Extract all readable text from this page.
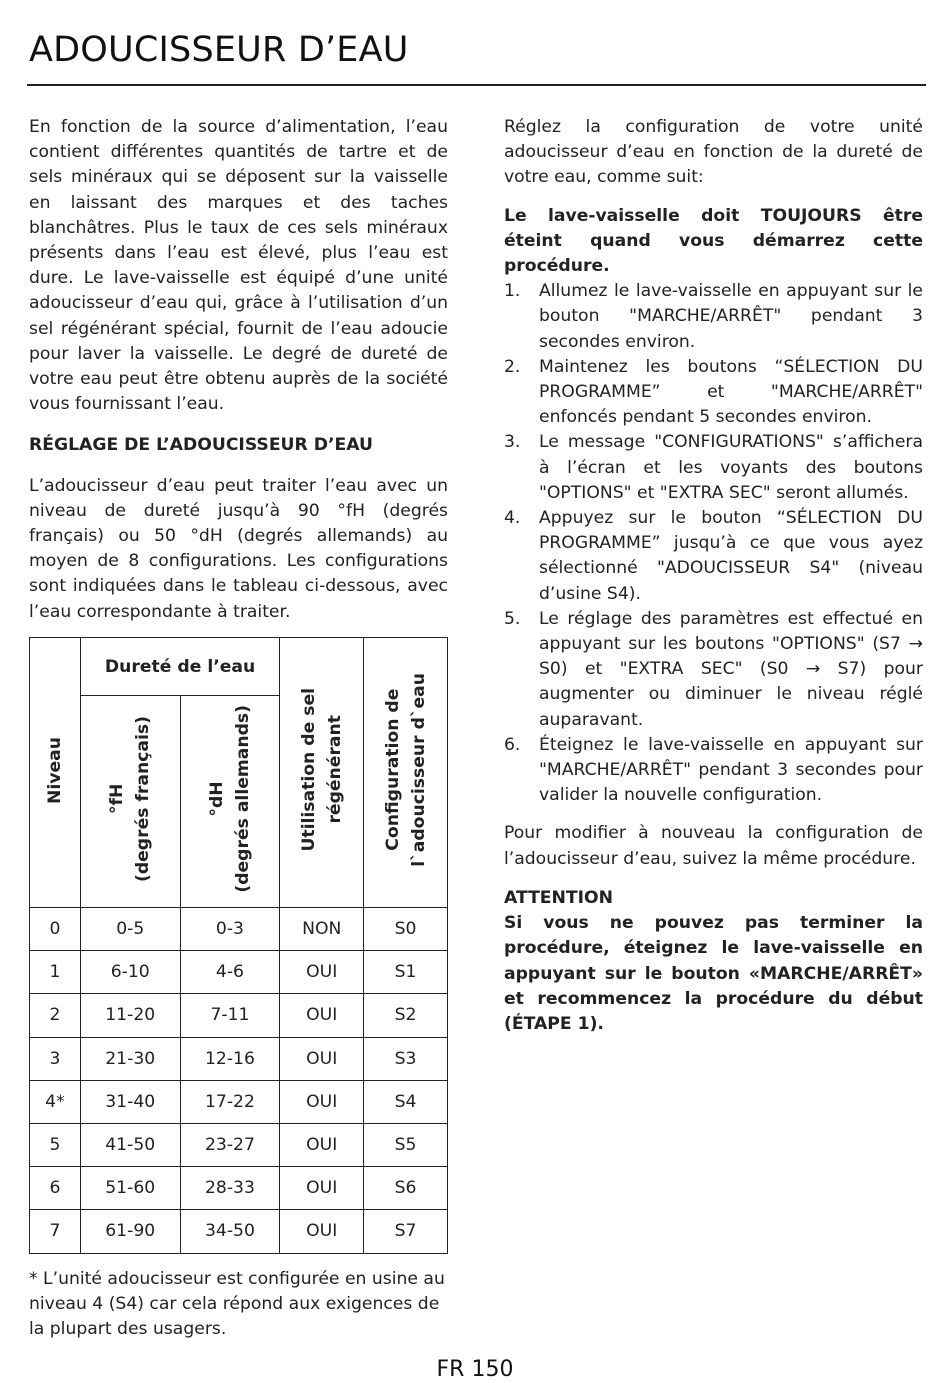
ADOUCISSEUR D’EAU

En fonction de la source d’alimentation, l’eau contient différentes quantités de tartre et de sels minéraux qui se déposent sur la vaisselle en laissant des marques et des taches blanchâtres. Plus le taux de ces sels minéraux présents dans l’eau est élevé, plus l’eau est dure. Le lave-vaisselle est équipé d’une unité adoucisseur d’eau qui, grâce à l’utilisation d’un sel régénérant spécial, fournit de l’eau adoucie pour laver la vaisselle. Le degré de dureté de votre eau peut être obtenu auprès de la société vous fournissant l’eau.

RÉGLAGE DE L’ADOUCISSEUR D’EAU

L’adoucisseur d’eau peut traiter l’eau avec un niveau de dureté jusqu’à 90 °fH (degrés français) ou 50 °dH (degrés allemands) au moyen de 8 configurations. Les configurations sont indiquées dans le tableau ci-dessous, avec l’eau correspondante à traiter.

Niveau	Dureté de l’eau		Utilisation de sel régénérant	Configuration de l`adoucisseur d`eau
	°fH (degrés français)	°dH (degrés allemands)		
0	0-5	0-3	NON	S0
1	6-10	4-6	OUI	S1
2	11-20	7-11	OUI	S2
3	21-30	12-16	OUI	S3
4*	31-40	17-22	OUI	S4
5	41-50	23-27	OUI	S5
6	51-60	28-33	OUI	S6
7	61-90	34-50	OUI	S7

* L’unité adoucisseur est configurée en usine au niveau 4 (S4) car cela répond aux exigences de la plupart des usagers.

Réglez la configuration de votre unité adoucisseur d’eau en fonction de la dureté de votre eau, comme suit:

Le lave-vaisselle doit TOUJOURS être éteint quand vous démarrez cette procédure.

1. Allumez le lave-vaisselle en appuyant sur le bouton "MARCHE/ARRÊT" pendant 3 secondes environ.
2. Maintenez les boutons “SÉLECTION DU PROGRAMME” et "MARCHE/ARRÊT" enfoncés pendant 5 secondes environ.
3. Le message "CONFIGURATIONS" s’affichera à l’écran et les voyants des boutons "OPTIONS" et "EXTRA SEC" seront allumés.
4. Appuyez sur le bouton “SÉLECTION DU PROGRAMME” jusqu’à ce que vous ayez sélectionné "ADOUCISSEUR S4" (niveau d’usine S4).
5. Le réglage des paramètres est effectué en appuyant sur les boutons "OPTIONS" (S7 → S0) et "EXTRA SEC" (S0 → S7) pour augmenter ou diminuer le niveau réglé auparavant.
6. Éteignez le lave-vaisselle en appuyant sur "MARCHE/ARRÊT" pendant 3 secondes pour valider la nouvelle configuration.

Pour modifier à nouveau la configuration de l’adoucisseur d’eau, suivez la même procédure.

ATTENTION

Si vous ne pouvez pas terminer la procédure, éteignez le lave-vaisselle en appuyant sur le bouton «MARCHE/ARRÊT» et recommencez la procédure du début (ÉTAPE 1).

FR 150
